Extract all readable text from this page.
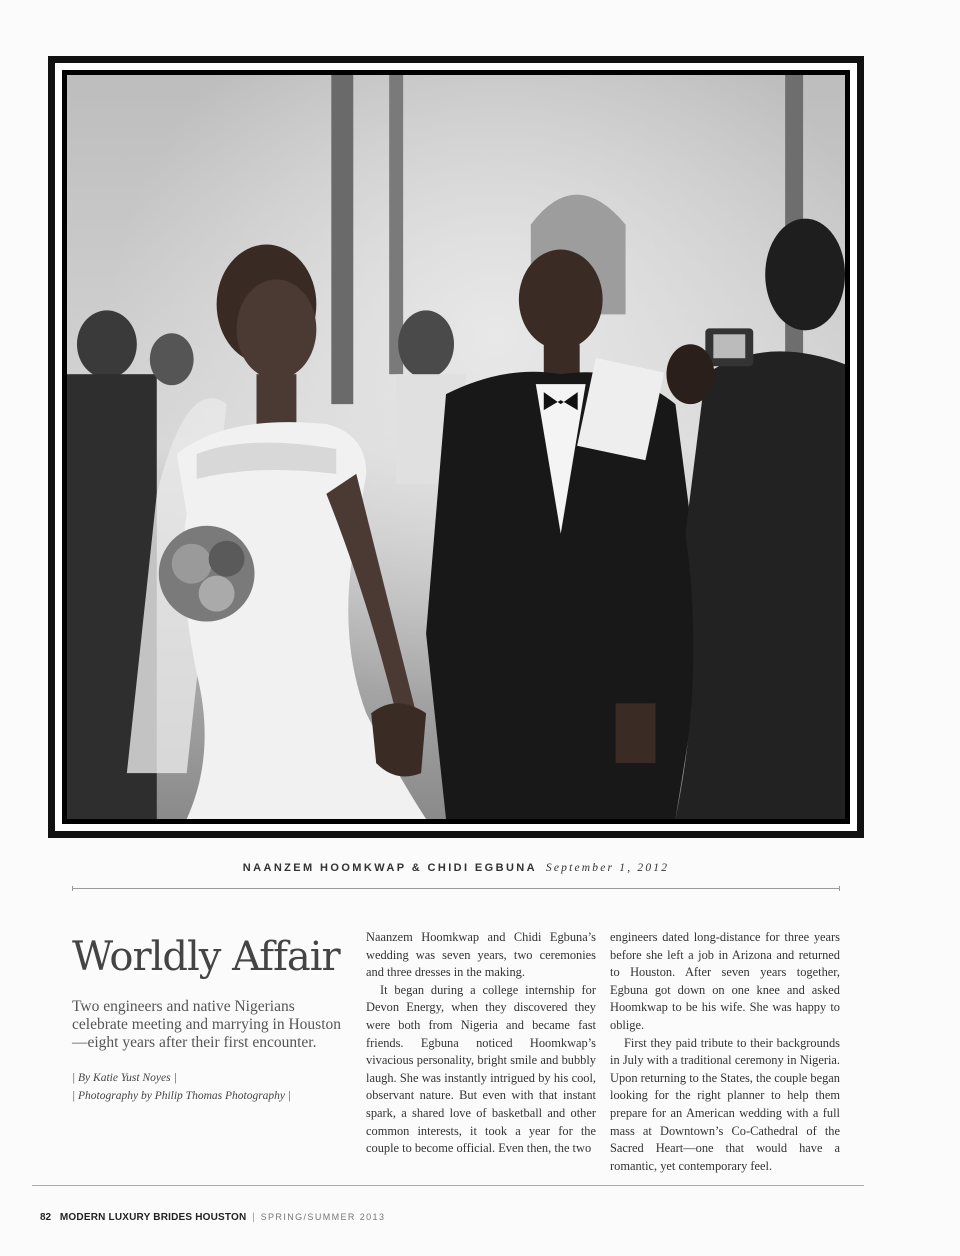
NAANZEM HOOMKWAP & CHIDI EGBUNA September 1, 2012
Worldly Affair

Two engineers and native Nigerians celebrate meeting and marrying in Houston—eight years after their first encounter.

| By Katie Yust Noyes |
| Photography by Philip Thomas Photography |

Naanzem Hoomkwap and Chidi Egbuna’s wedding was seven years, two ceremonies and three dresses in the making.

It began during a college internship for Devon Energy, when they discovered they were both from Nigeria and became fast friends. Egbuna noticed Hoomkwap’s vivacious personality, bright smile and bubbly laugh. She was instantly intrigued by his cool, observant nature. But even with that instant spark, a shared love of basketball and other common interests, it took a year for the couple to become official. Even then, the two

engineers dated long-distance for three years before she left a job in Arizona and returned to Houston. After seven years together, Egbuna got down on one knee and asked Hoomkwap to be his wife. She was happy to oblige.

First they paid tribute to their backgrounds in July with a traditional ceremony in Nigeria. Upon returning to the States, the couple began looking for the right planner to help them prepare for an American wedding with a full mass at Downtown’s Co-Cathedral of the Sacred Heart—one that would have a romantic, yet contemporary feel.

82 MODERN LUXURY BRIDES HOUSTON | SPRING/SUMMER 2013
